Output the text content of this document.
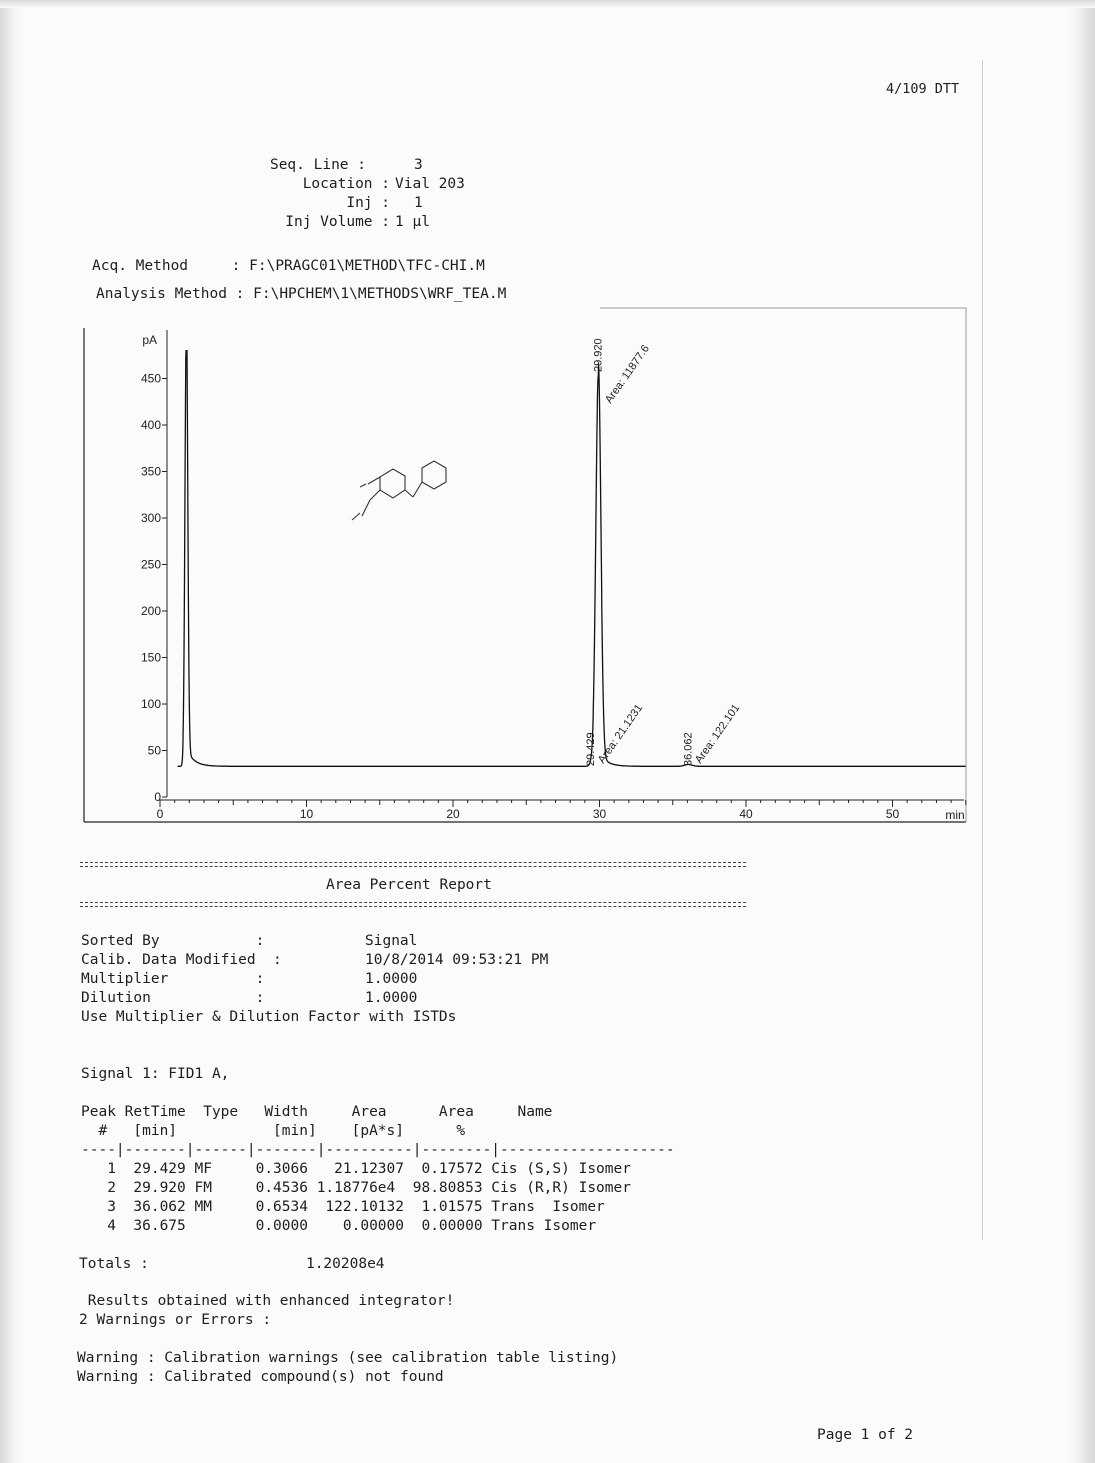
4/109 DTT
Seq. Line :	3
Location : Vial 203
Inj : 1
Inj Volume : 1 µl
Acq. Method     : F:\PRAGC01\METHOD\TFC-CHI.M
Analysis Method : F:\HPCHEM\1\METHODS\WRF_TEA.M
0
50
100
150
200
250
300
350
400
450
pA
0	10	20	30	40	50	min
29.429
Area: 21.1231
29.920
Area: 11877.6
36.062
Area: 122.101
Area Percent Report
Sorted By           :	Signal
Calib. Data Modified  :	10/8/2014 09:53:21 PM
Multiplier          :	1.0000
Dilution            :	1.0000
Use Multiplier & Dilution Factor with ISTDs
Signal 1: FID1 A,
Peak RetTime  Type   Width     Area      Area     Name
#   [min]           [min]    [pA*s]      %
----|-------|------|-------|----------|--------|--------------------
1  29.429 MF     0.3066   21.12307  0.17572 Cis (S,S) Isomer
2  29.920 FM     0.4536 1.18776e4  98.80853 Cis (R,R) Isomer
3  36.062 MM     0.6534  122.10132  1.01575 Trans  Isomer
4  36.675        0.0000    0.00000  0.00000 Trans Isomer
Totals :                  1.20208e4
Results obtained with enhanced integrator!
2 Warnings or Errors :
Warning : Calibration warnings (see calibration table listing)
Warning : Calibrated compound(s) not found
Page 1 of 2
